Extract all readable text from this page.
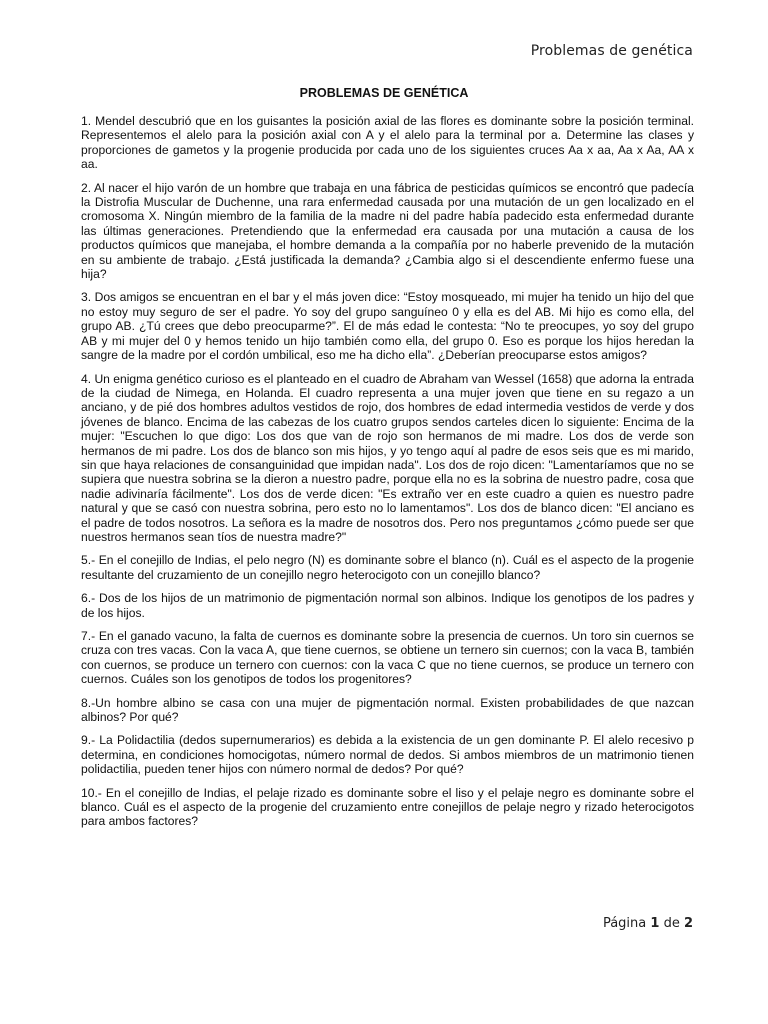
Problemas de genética
PROBLEMAS DE GENÉTICA

1. Mendel descubrió que en los guisantes la posición axial de las flores es dominante sobre la posición terminal. Representemos el alelo para la posición axial con A y el alelo para la terminal por a. Determine las clases y proporciones de gametos y la progenie producida por cada uno de los siguientes cruces Aa x aa, Aa x Aa, AA x aa.

2. Al nacer el hijo varón de un hombre que trabaja en una fábrica de pesticidas químicos se encontró que padecía la Distrofia Muscular de Duchenne, una rara enfermedad causada por una mutación de un gen localizado en el cromosoma X. Ningún miembro de la familia de la madre ni del padre había padecido esta enfermedad durante las últimas generaciones. Pretendiendo que la enfermedad era causada por una mutación a causa de los productos químicos que manejaba, el hombre demanda a la compañía por no haberle prevenido de la mutación en su ambiente de trabajo. ¿Está justificada la demanda? ¿Cambia algo si el descendiente enfermo fuese una hija?

3. Dos amigos se encuentran en el bar y el más joven dice: “Estoy mosqueado, mi mujer ha tenido un hijo del que no estoy muy seguro de ser el padre. Yo soy del grupo sanguíneo 0 y ella es del AB. Mi hijo es como ella, del grupo AB. ¿Tú crees que debo preocuparme?”. El de más edad le contesta: “No te preocupes, yo soy del grupo AB y mi mujer del 0 y hemos tenido un hijo también como ella, del grupo 0. Eso es porque los hijos heredan la sangre de la madre por el cordón umbilical, eso me ha dicho ella”. ¿Deberían preocuparse estos amigos?

4. Un enigma genético curioso es el planteado en el cuadro de Abraham van Wessel (1658) que adorna la entrada de la ciudad de Nimega, en Holanda. El cuadro representa a una mujer joven que tiene en su regazo a un anciano, y de pié dos hombres adultos vestidos de rojo, dos hombres de edad intermedia vestidos de verde y dos jóvenes de blanco. Encima de las cabezas de los cuatro grupos sendos carteles dicen lo siguiente: Encima de la mujer: "Escuchen lo que digo: Los dos que van de rojo son hermanos de mi madre. Los dos de verde son hermanos de mi padre. Los dos de blanco son mis hijos, y yo tengo aquí al padre de esos seis que es mi marido, sin que haya relaciones de consanguinidad que impidan nada". Los dos de rojo dicen: "Lamentaríamos que no se supiera que nuestra sobrina se la dieron a nuestro padre, porque ella no es la sobrina de nuestro padre, cosa que nadie adivinaría fácilmente". Los dos de verde dicen: "Es extraño ver en este cuadro a quien es nuestro padre natural y que se casó con nuestra sobrina, pero esto no lo lamentamos". Los dos de blanco dicen: "El anciano es el padre de todos nosotros. La señora es la madre de nosotros dos. Pero nos preguntamos ¿cómo puede ser que nuestros hermanos sean tíos de nuestra madre?"

5.- En el conejillo de Indias, el pelo negro (N) es dominante sobre el blanco (n). Cuál es el aspecto de la progenie resultante del cruzamiento de un conejillo negro heterocigoto con un conejillo blanco?

6.- Dos de los hijos de un matrimonio de pigmentación normal son albinos. Indique los genotipos de los padres y de los hijos.

7.- En el ganado vacuno, la falta de cuernos es dominante sobre la presencia de cuernos. Un toro sin cuernos se cruza con tres vacas. Con la vaca A, que tiene cuernos, se obtiene un ternero sin cuernos; con la vaca B, también con cuernos, se produce un ternero con cuernos: con la vaca C que no tiene cuernos, se produce un ternero con cuernos. Cuáles son los genotipos de todos los progenitores?

8.-Un hombre albino se casa con una mujer de pigmentación normal. Existen probabilidades de que nazcan albinos? Por qué?

9.- La Polidactilia (dedos supernumerarios) es debida a la existencia de un gen dominante P. El alelo recesivo p determina, en condiciones homocigotas, número normal de dedos. Si ambos miembros de un matrimonio tienen polidactilia, pueden tener hijos con número normal de dedos? Por qué?

10.- En el conejillo de Indias, el pelaje rizado es dominante sobre el liso y el pelaje negro es dominante sobre el blanco. Cuál es el aspecto de la progenie del cruzamiento entre conejillos de pelaje negro y rizado heterocigotos para ambos factores?

Página 1 de 2
